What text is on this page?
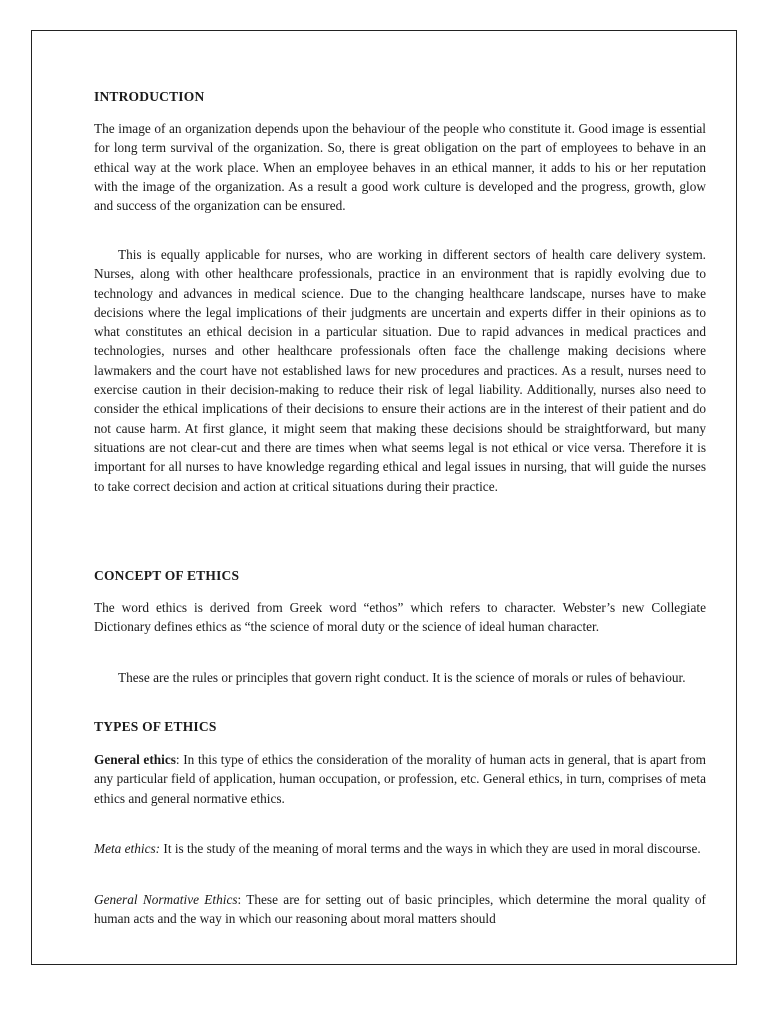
INTRODUCTION

The image of an organization depends upon the behaviour of the people who constitute it. Good image is essential for long term survival of the organization. So, there is great obligation on the part of employees to behave in an ethical way at the work place. When an employee behaves in an ethical manner, it adds to his or her reputation with the image of the organization. As a result a good work culture is developed and the progress, growth, glow and success of the organization can be ensured.

This is equally applicable for nurses, who are working in different sectors of health care delivery system. Nurses, along with other healthcare professionals, practice in an environment that is rapidly evolving due to technology and advances in medical science. Due to the changing healthcare landscape, nurses have to make decisions where the legal implications of their judgments are uncertain and experts differ in their opinions as to what constitutes an ethical decision in a particular situation. Due to rapid advances in medical practices and technologies, nurses and other healthcare professionals often face the challenge making decisions where lawmakers and the court have not established laws for new procedures and practices. As a result, nurses need to exercise caution in their decision-making to reduce their risk of legal liability. Additionally, nurses also need to consider the ethical implications of their decisions to ensure their actions are in the interest of their patient and do not cause harm. At first glance, it might seem that making these decisions should be straightforward, but many situations are not clear-cut and there are times when what seems legal is not ethical or vice versa. Therefore it is important for all nurses to have knowledge regarding ethical and legal issues in nursing, that will guide the nurses to take correct decision and action at critical situations during their practice.

CONCEPT OF ETHICS

The word ethics is derived from Greek word “ethos” which refers to character. Webster’s new Collegiate Dictionary defines ethics as “the science of moral duty or the science of ideal human character.

These are the rules or principles that govern right conduct. It is the science of morals or rules of behaviour.

TYPES OF ETHICS

General ethics: In this type of ethics the consideration of the morality of human acts in general, that is apart from any particular field of application, human occupation, or profession, etc. General ethics, in turn, comprises of meta ethics and general normative ethics.

Meta ethics: It is the study of the meaning of moral terms and the ways in which they are used in moral discourse.

General Normative Ethics: These are for setting out of basic principles, which determine the moral quality of human acts and the way in which our reasoning about moral matters should
